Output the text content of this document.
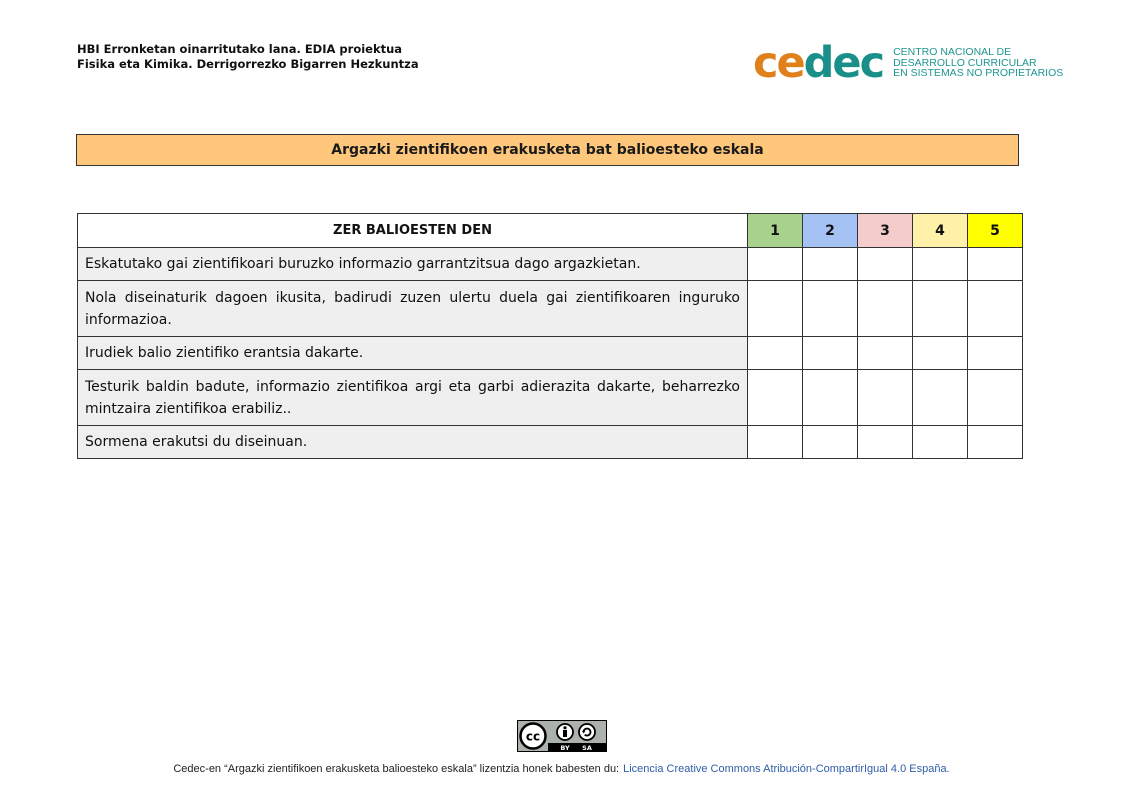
HBI Erronketan oinarritutako lana. EDIA proiektua
Fisika eta Kimika. Derrigorrezko Bigarren Hezkuntza	cedec CENTRO NACIONAL DE
DESARROLLO CURRICULAR
EN SISTEMAS NO PROPIETARIOS
Argazki zientifikoen erakusketa bat balioesteko eskala
ZER BALIOESTEN DEN	1	2	3	4	5
Eskatutako gai zientifikoari buruzko informazio garrantzitsua dago argazkietan.					
Nola diseinaturik dagoen ikusita, badirudi zuzen ulertu duela gai zientifikoaren inguruko informazioa.					
Irudiek balio zientifiko erantsia dakarte.					
Testurik baldin badute, informazio zientifikoa argi eta garbi adierazita dakarte, beharrezko mintzaira zientifikoa erabiliz..					
Sormena erakutsi du diseinuan.					
cc
BY SA
Cedec-en “Argazki zientifikoen erakusketa balioesteko eskala” lizentzia honek babesten du: Licencia Creative Commons Atribución-CompartirIgual 4.0 España.
